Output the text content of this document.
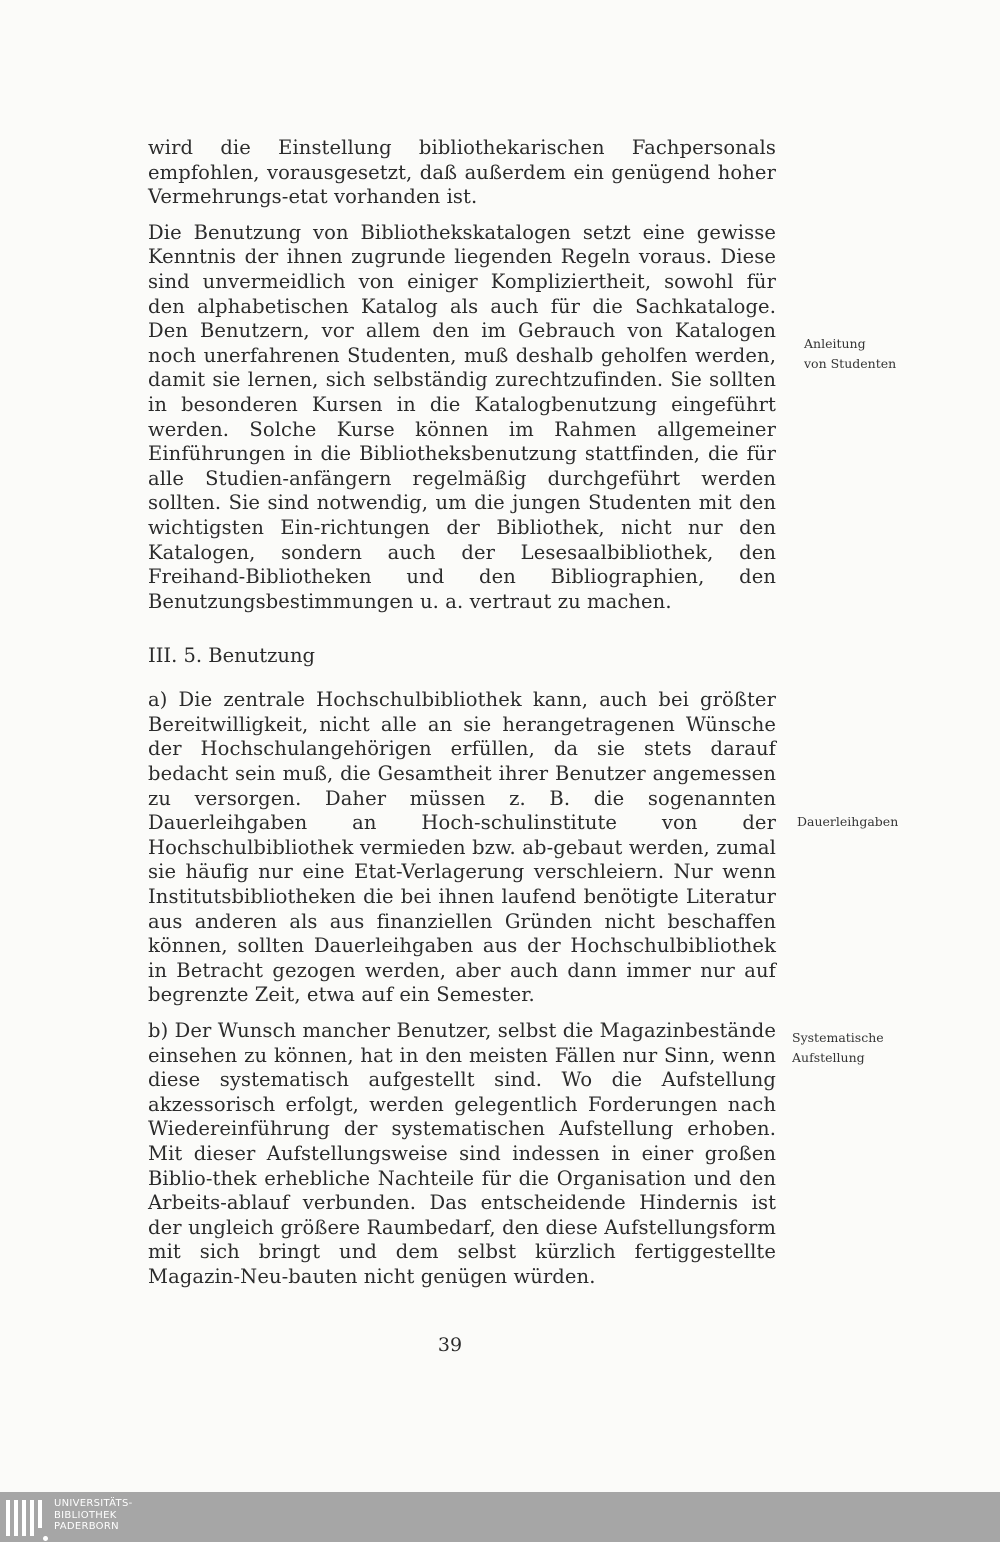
wird die Einstellung bibliothekarischen Fachpersonals empfohlen, vorausgesetzt, daß außerdem ein genügend hoher Vermehrungs-etat vorhanden ist.

Die Benutzung von Bibliothekskatalogen setzt eine gewisse Kenntnis der ihnen zugrunde liegenden Regeln voraus. Diese sind unvermeidlich von einiger Kompliziertheit, sowohl für den alphabetischen Katalog als auch für die Sachkataloge. Den Benutzern, vor allem den im Gebrauch von Katalogen noch unerfahrenen Studenten, muß deshalb geholfen werden, damit sie lernen, sich selbständig zurechtzufinden. Sie sollten in besonderen Kursen in die Katalogbenutzung eingeführt werden. Solche Kurse können im Rahmen allgemeiner Einführungen in die Bibliotheksbenutzung stattfinden, die für alle Studien-anfängern regelmäßig durchgeführt werden sollten. Sie sind notwendig, um die jungen Studenten mit den wichtigsten Ein-richtungen der Bibliothek, nicht nur den Katalogen, sondern auch der Lesesaalbibliothek, den Freihand-Bibliotheken und den Bibliographien, den Benutzungsbestimmungen u. a. vertraut zu machen.

III. 5. Benutzung

a) Die zentrale Hochschulbibliothek kann, auch bei größter Bereitwilligkeit, nicht alle an sie herangetragenen Wünsche der Hochschulangehörigen erfüllen, da sie stets darauf bedacht sein muß, die Gesamtheit ihrer Benutzer angemessen zu versorgen. Daher müssen z. B. die sogenannten Dauerleihgaben an Hoch-schulinstitute von der Hochschulbibliothek vermieden bzw. ab-gebaut werden, zumal sie häufig nur eine Etat-Verlagerung verschleiern. Nur wenn Institutsbibliotheken die bei ihnen laufend benötigte Literatur aus anderen als aus finanziellen Gründen nicht beschaffen können, sollten Dauerleihgaben aus der Hochschulbibliothek in Betracht gezogen werden, aber auch dann immer nur auf begrenzte Zeit, etwa auf ein Semester.

b) Der Wunsch mancher Benutzer, selbst die Magazinbestände einsehen zu können, hat in den meisten Fällen nur Sinn, wenn diese systematisch aufgestellt sind. Wo die Aufstellung akzessorisch erfolgt, werden gelegentlich Forderungen nach Wiedereinführung der systematischen Aufstellung erhoben. Mit dieser Aufstellungsweise sind indessen in einer großen Biblio-thek erhebliche Nachteile für die Organisation und den Arbeits-ablauf verbunden. Das entscheidende Hindernis ist der ungleich größere Raumbedarf, den diese Aufstellungsform mit sich bringt und dem selbst kürzlich fertiggestellte Magazin-Neu-bauten nicht genügen würden.

Anleitung
von Studenten
Dauerleihgaben
Systematische
Aufstellung
39
UNIVERSITÄTS-
BIBLIOTHEK
PADERBORN
